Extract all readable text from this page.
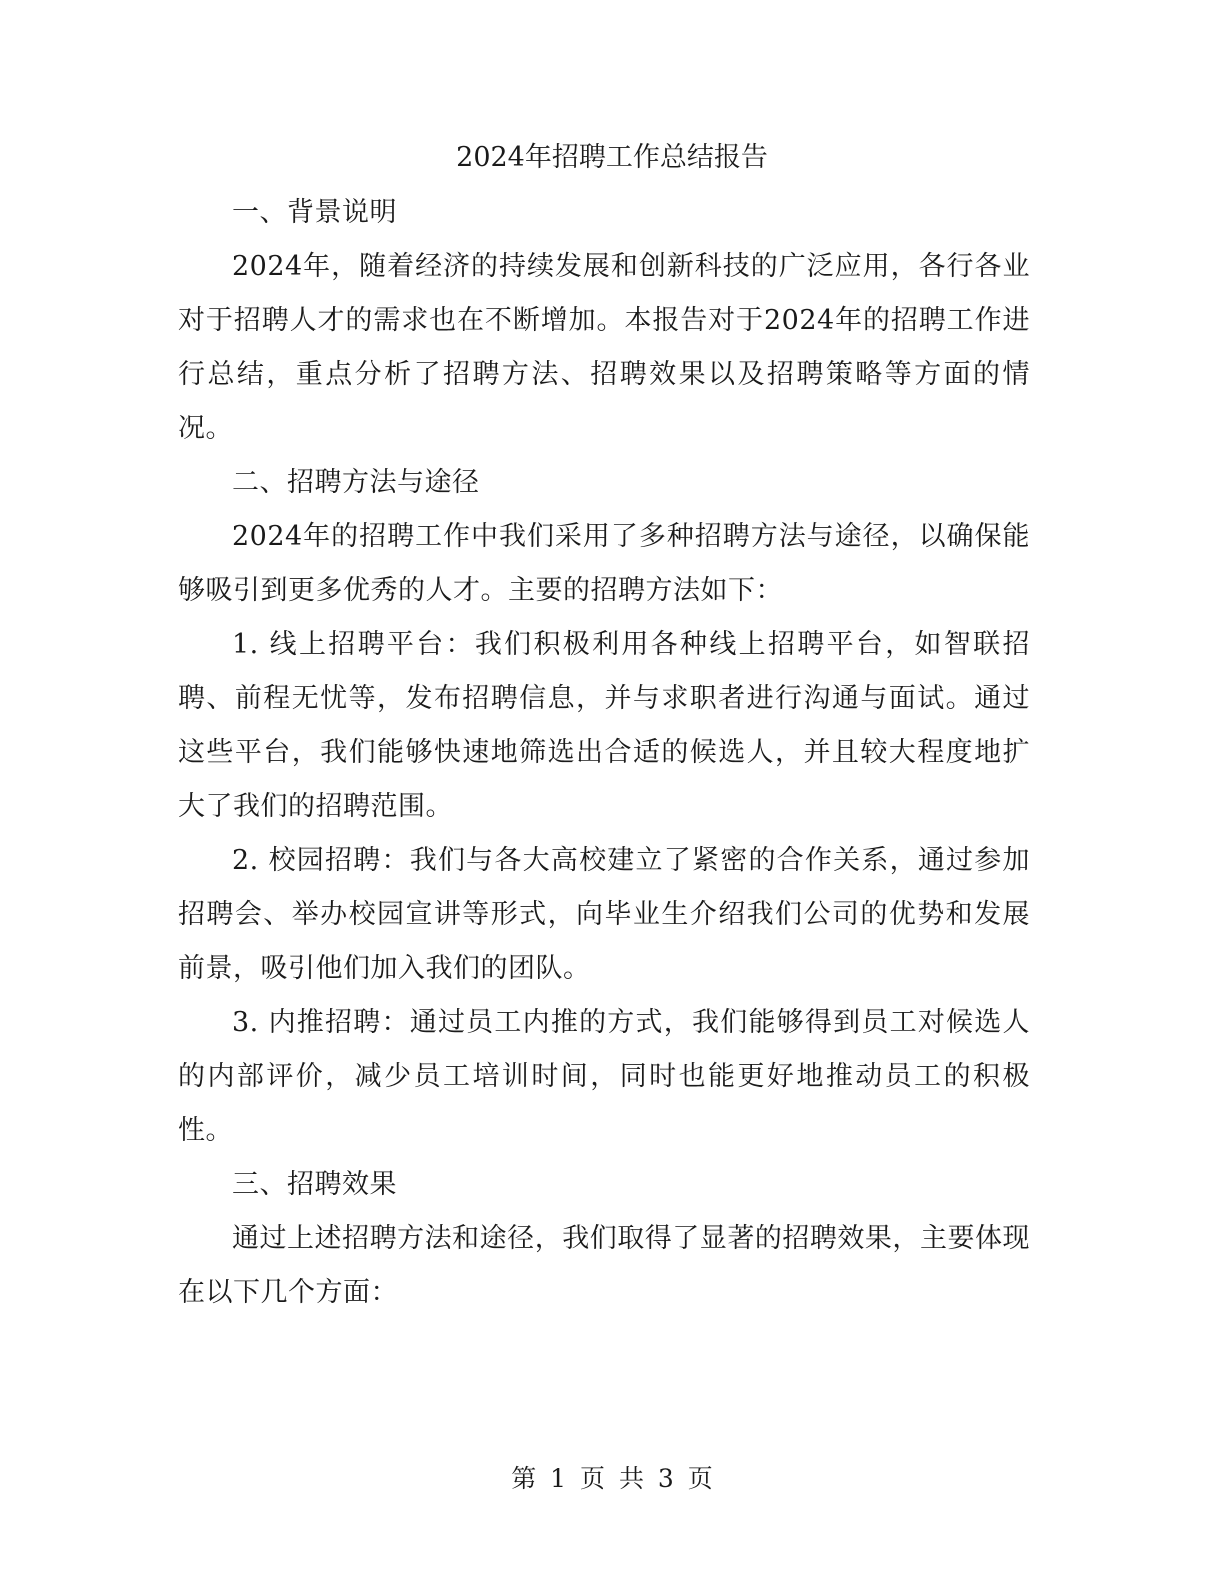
2024年招聘工作总结报告

一、背景说明

2024年，随着经济的持续发展和创新科技的广泛应用，各行各业对于招聘人才的需求也在不断增加。本报告对于2024年的招聘工作进行总结，重点分析了招聘方法、招聘效果以及招聘策略等方面的情况。

二、招聘方法与途径

2024年的招聘工作中我们采用了多种招聘方法与途径，以确保能够吸引到更多优秀的人才。主要的招聘方法如下：

1. 线上招聘平台：我们积极利用各种线上招聘平台，如智联招聘、前程无忧等，发布招聘信息，并与求职者进行沟通与面试。通过这些平台，我们能够快速地筛选出合适的候选人，并且较大程度地扩大了我们的招聘范围。

2. 校园招聘：我们与各大高校建立了紧密的合作关系，通过参加招聘会、举办校园宣讲等形式，向毕业生介绍我们公司的优势和发展前景，吸引他们加入我们的团队。

3. 内推招聘：通过员工内推的方式，我们能够得到员工对候选人的内部评价，减少员工培训时间，同时也能更好地推动员工的积极性。

三、招聘效果

通过上述招聘方法和途径，我们取得了显著的招聘效果，主要体现在以下几个方面：

第 1 页 共 3 页
